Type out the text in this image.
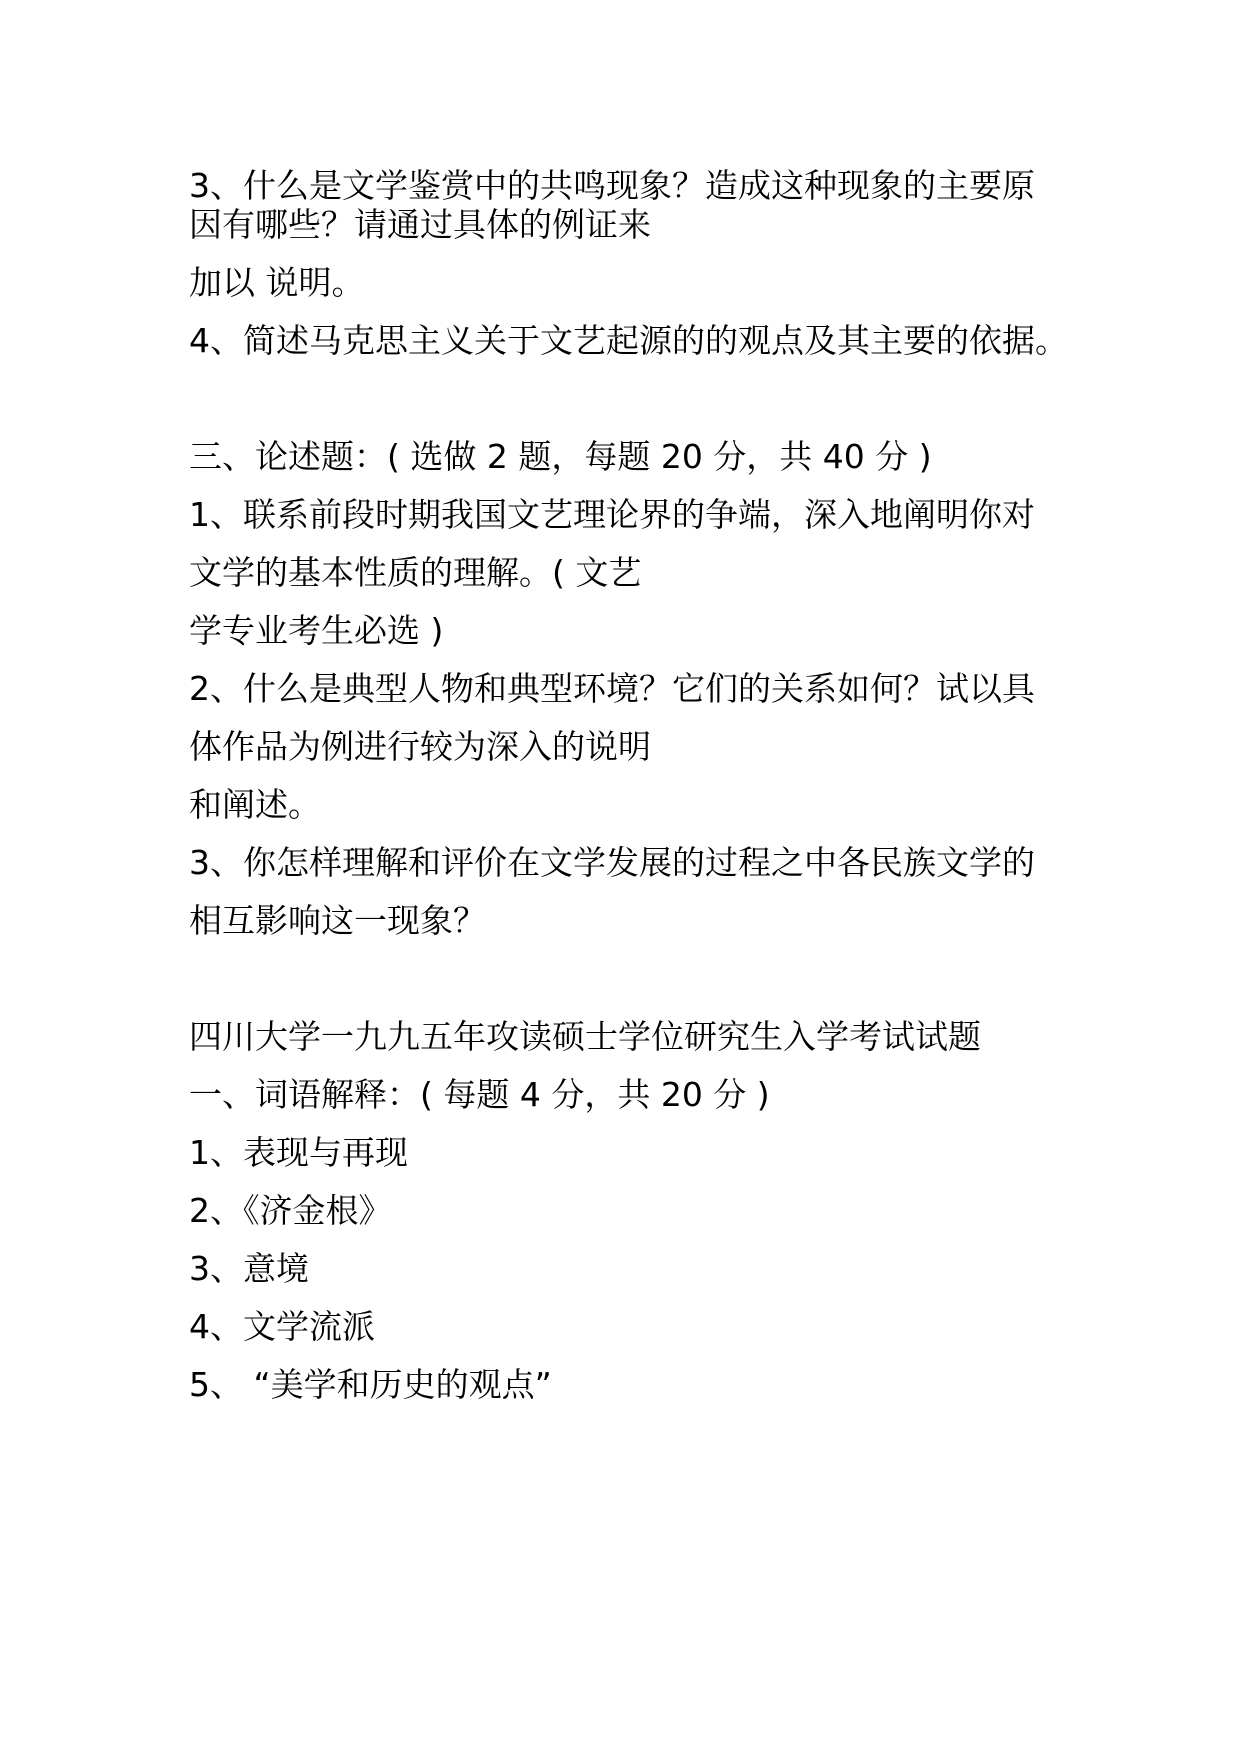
3、什么是文学鉴赏中的共鸣现象？造成这种现象的主要原
因有哪些？请通过具体的例证来
加以 说明。
4、简述马克思主义关于文艺起源的的观点及其主要的依据。
三、论述题：( 选做 2 题，每题 20 分，共 40 分 )
1、联系前段时期我国文艺理论界的争端，深入地阐明你对
文学的基本性质的理解。( 文艺
学专业考生必选 )
2、什么是典型人物和典型环境？它们的关系如何？试以具
体作品为例进行较为深入的说明
和阐述。
3、你怎样理解和评价在文学发展的过程之中各民族文学的
相互影响这一现象？
四川大学一九九五年攻读硕士学位研究生入学考试试题
一、词语解释：( 每题 4 分，共 20 分 )
1、表现与再现
2、《济金根》
3、意境
4、文学流派
5、 “美学和历史的观点”
